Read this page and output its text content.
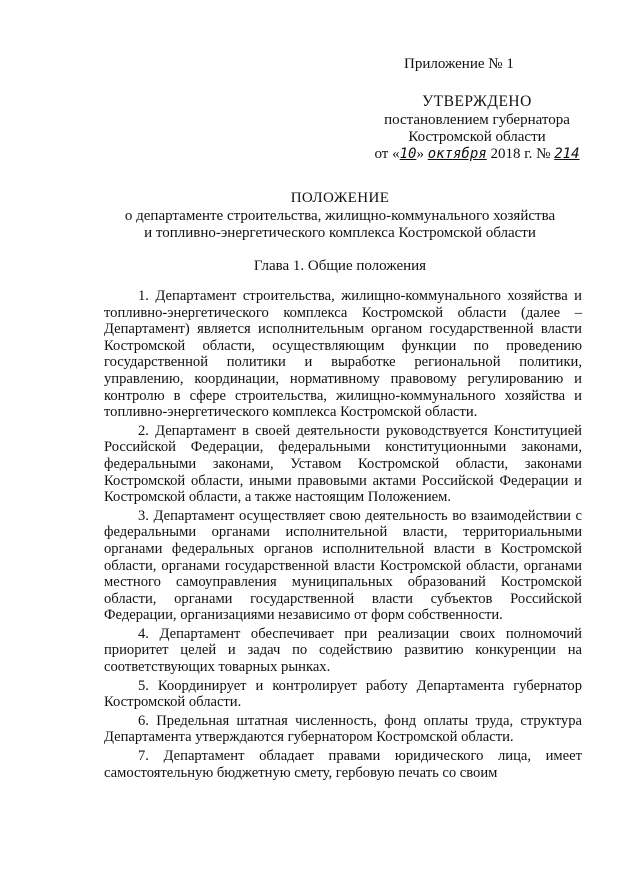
Приложение № 1
УТВЕРЖДЕНО
постановлением губернатора
Костромской области
от «10» октября 2018 г. № 214
ПОЛОЖЕНИЕ
о департаменте строительства, жилищно-коммунального хозяйства
и топливно-энергетического комплекса Костромской области
Глава 1. Общие положения

1. Департамент строительства, жилищно-коммунального хозяйства и топливно-энергетического комплекса Костромской области (далее – Департамент) является исполнительным органом государственной власти Костромской области, осуществляющим функции по проведению государственной политики и выработке региональной политики, управлению, координации, нормативному правовому регулированию и контролю в сфере строительства, жилищно-коммунального хозяйства и топливно-энергетического комплекса Костромской области.

2. Департамент в своей деятельности руководствуется Конституцией Российской Федерации, федеральными конституционными законами, федеральными законами, Уставом Костромской области, законами Костромской области, иными правовыми актами Российской Федерации и Костромской области, а также настоящим Положением.

3. Департамент осуществляет свою деятельность во взаимодействии с федеральными органами исполнительной власти, территориальными органами федеральных органов исполнительной власти в Костромской области, органами государственной власти Костромской области, органами местного самоуправления муниципальных образований Костромской области, органами государственной власти субъектов Российской Федерации, организациями независимо от форм собственности.

4. Департамент обеспечивает при реализации своих полномочий приоритет целей и задач по содействию развитию конкуренции на соответствующих товарных рынках.

5. Координирует и контролирует работу Департамента губернатор Костромской области.

6. Предельная штатная численность, фонд оплаты труда, структура Департамента утверждаются губернатором Костромской области.

7. Департамент обладает правами юридического лица, имеет самостоятельную бюджетную смету, гербовую печать со своим
